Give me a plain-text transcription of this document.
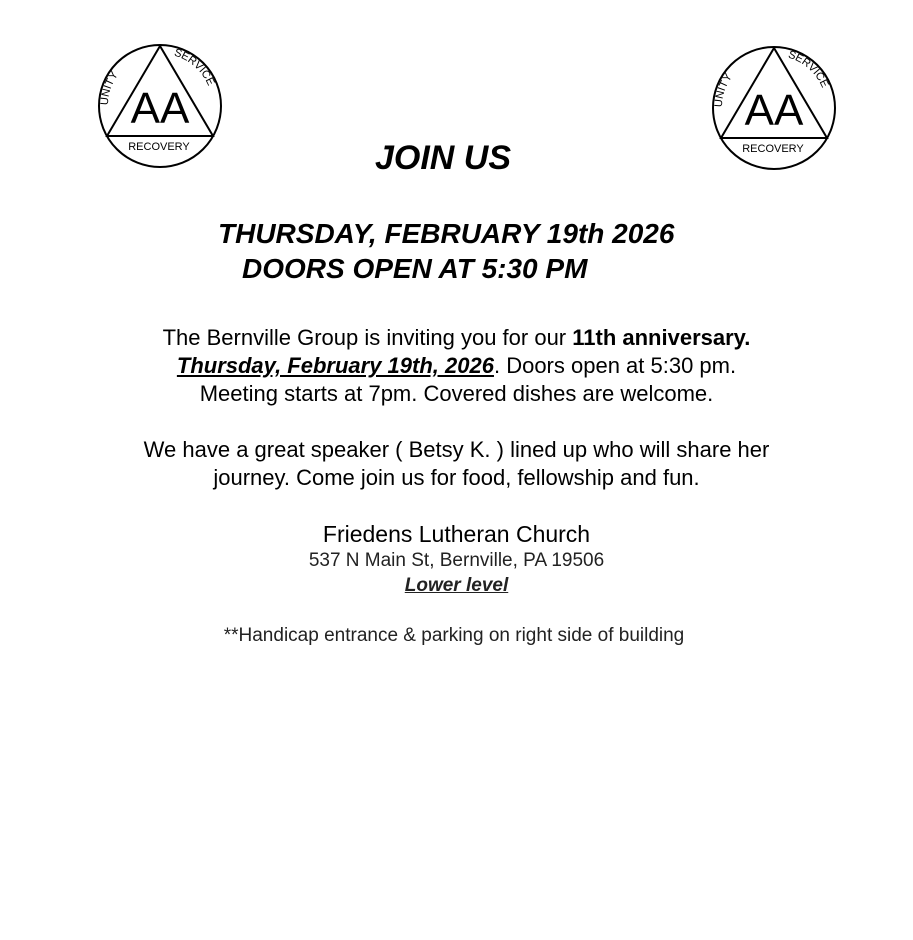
AA
UNITY
SERVICE
RECOVERY
AA
UNITY
SERVICE
RECOVERY
JOIN US
THURSDAY, FEBRUARY 19th 2026
DOORS OPEN AT 5:30 PM
The Bernville Group is inviting you for our 11th anniversary.
Thursday, February 19th, 2026. Doors open at 5:30 pm.
Meeting starts at 7pm. Covered dishes are welcome.
We have a great speaker ( Betsy K. ) lined up who will share her
journey. Come join us for food, fellowship and fun.
Friedens Lutheran Church
537 N Main St, Bernville, PA 19506
Lower level
**Handicap entrance & parking on right side of building
